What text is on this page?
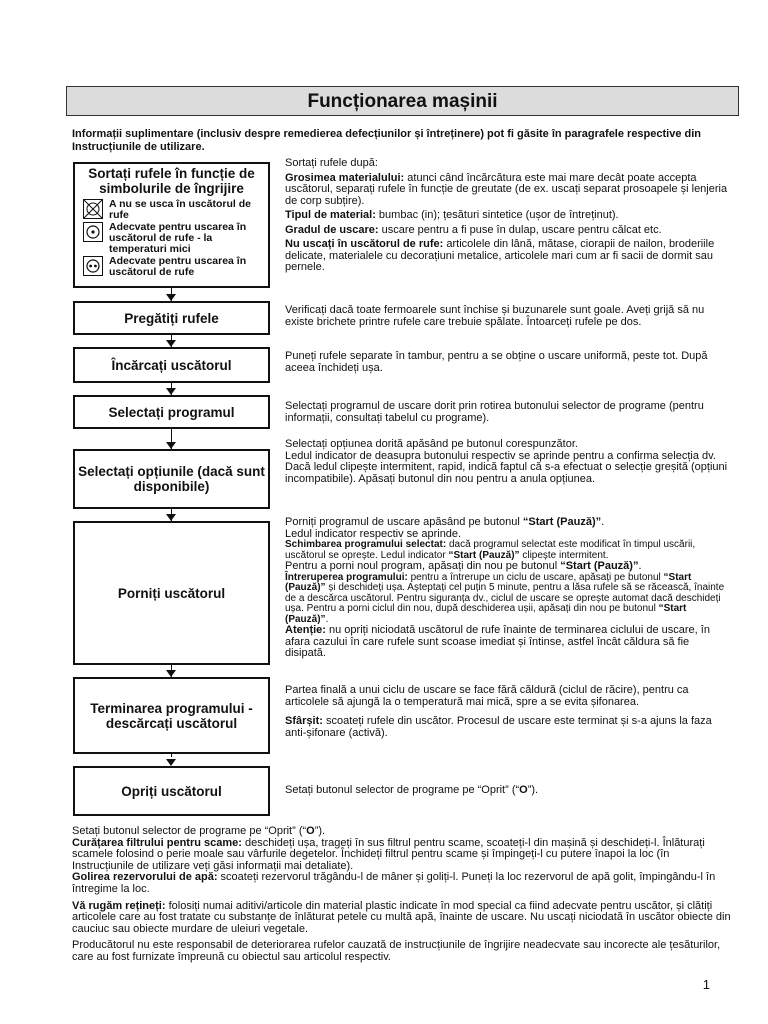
Funcționarea mașinii
Informații suplimentare (inclusiv despre remedierea defecțiunilor și întreținere) pot fi găsite în paragrafele respective din Instrucțiunile de utilizare.
Sortați rufele în funcție de simbolurile de îngrijire
A nu se usca în uscătorul de rufe
Adecvate pentru uscarea în uscătorul de rufe - la temperaturi mici
Adecvate pentru uscarea în uscătorul de rufe
Pregătiți rufele
Încărcați uscătorul
Selectați programul
Selectați opțiunile (dacă sunt disponibile)
Porniți uscătorul
Terminarea programului - descărcați uscătorul
Opriți uscătorul

Sortați rufele după:

Grosimea materialului: atunci când încărcătura este mai mare decât poate accepta uscătorul, separați rufele în funcție de greutate (de ex. uscați separat prosoapele și lenjeria de corp subțire).

Tipul de material: bumbac (in); țesături sintetice (ușor de întreținut).

Gradul de uscare: uscare pentru a fi puse în dulap, uscare pentru călcat etc.

Nu uscați în uscătorul de rufe: articolele din lână, mătase, ciorapii de nailon, broderiile delicate, materialele cu decorațiuni metalice, articolele mari cum ar fi sacii de dormit sau pernele.

Verificați dacă toate fermoarele sunt închise și buzunarele sunt goale. Aveți grijă să nu existe brichete printre rufele care trebuie spălate. Întoarceți rufele pe dos.
Puneți rufele separate în tambur, pentru a se obține o uscare uniformă, peste tot. După aceea închideți ușa.
Selectați programul de uscare dorit prin rotirea butonului selector de programe (pentru informații, consultați tabelul cu programe).
Selectați opțiunea dorită apăsând pe butonul corespunzător.
Ledul indicator de deasupra butonului respectiv se aprinde pentru a confirma selecția dv.
Dacă ledul clipește intermitent, rapid, indică faptul că s-a efectuat o selecție greșită (opțiuni incompatibile). Apăsați butonul din nou pentru a anula opțiunea.
Porniți programul de uscare apăsând pe butonul “Start (Pauză)”.
Ledul indicator respectiv se aprinde.
Schimbarea programului selectat: dacă programul selectat este modificat în timpul uscării, uscătorul se oprește. Ledul indicator “Start (Pauză)” clipește intermitent.
Pentru a porni noul program, apăsați din nou pe butonul “Start (Pauză)”.
Întreruperea programului: pentru a întrerupe un ciclu de uscare, apăsați pe butonul “Start (Pauză)” și deschideți ușa. Așteptați cel puțin 5 minute, pentru a lăsa rufele să se răcească, înainte de a descărca uscătorul. Pentru siguranța dv., ciclul de uscare se oprește automat dacă deschideți ușa. Pentru a porni ciclul din nou, după deschiderea ușii, apăsați din nou pe butonul “Start (Pauză)”.
Atenție: nu opriți niciodată uscătorul de rufe înainte de terminarea ciclului de uscare, în afara cazului în care rufele sunt scoase imediat și întinse, astfel încât căldura să fie disipată.

Partea finală a unui ciclu de uscare se face fără căldură (ciclul de răcire), pentru ca articolele să ajungă la o temperatură mai mică, spre a se evita șifonarea.

Sfârșit: scoateți rufele din uscător. Procesul de uscare este terminat și s-a ajuns la faza anti-șifonare (activă).

Setați butonul selector de programe pe “Oprit” (“O”).
Setați butonul selector de programe pe “Oprit” (“O”).
Curățarea filtrului pentru scame: deschideți ușa, trageți în sus filtrul pentru scame, scoateți-l din mașină și deschideți-l. Înlăturați scamele folosind o perie moale sau vârfurile degetelor. Închideți filtrul pentru scame și împingeți-l cu putere înapoi la loc (în Instrucțiunile de utilizare veți găsi informații mai detaliate).

Golirea rezervorului de apă: scoateți rezervorul trăgându-l de mâner și goliți-l. Puneți la loc rezervorul de apă golit, împingându-l în întregime la loc.

Vă rugăm rețineți: folosiți numai aditivi/articole din material plastic indicate în mod special ca fiind adecvate pentru uscător, și clătiți articolele care au fost tratate cu substanțe de înlăturat petele cu multă apă, înainte de uscare. Nu uscați niciodată în uscător obiecte din cauciuc sau obiecte murdare de uleiuri vegetale.

Producătorul nu este responsabil de deteriorarea rufelor cauzată de instrucțiunile de îngrijire neadecvate sau incorecte ale țesăturilor, care au fost furnizate împreună cu obiectul sau articolul respectiv.

1
